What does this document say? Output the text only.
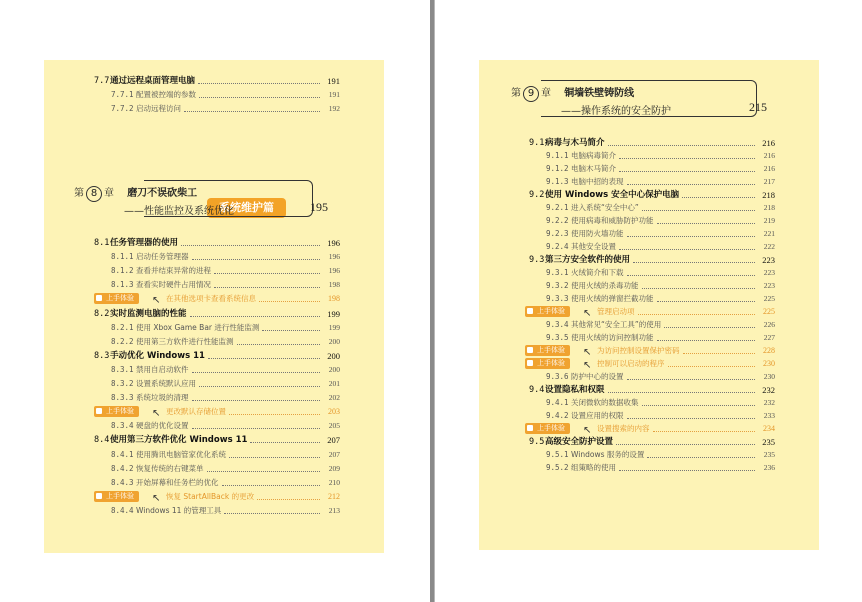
7.7 通过远程桌面管理电脑	191
7.7.1 配置被控端的参数	191
7.7.2 启动远程访问	192
系统维护篇
第 8 章 磨刀不误砍柴工
——性能监控及系统优化	195
8.1 任务管理器的使用	196
8.1.1 启动任务管理器	196
8.1.2 查看并结束异常的进程	196
8.1.3 查看实时硬件占用情况	198
上手体验	↖ 在其他选项卡查看系统信息	198
8.2 实时监测电脑的性能	199
8.2.1 使用 Xbox Game Bar 进行性能监测	199
8.2.2 使用第三方软件进行性能监测	200
8.3 手动优化 Windows 11	200
8.3.1 禁用自启动软件	200
8.3.2 设置系统默认应用	201
8.3.3 系统垃圾的清理	202
上手体验	↖ 更改默认存储位置	203
8.3.4 硬盘的优化设置	205
8.4 使用第三方软件优化 Windows 11	207
8.4.1 使用腾讯电脑管家优化系统	207
8.4.2 恢复传统的右键菜单	209
8.4.3 开始屏幕和任务栏的优化	210
上手体验	↖ 恢复 StartAllBack 的更改	212
8.4.4 Windows 11 的管理工具	213
第 9 章 铜墙铁壁铸防线
——操作系统的安全防护	215
9.1 病毒与木马简介	216
9.1.1 电脑病毒简介	216
9.1.2 电脑木马简介	216
9.1.3 电脑中招的表现	217
9.2 使用 Windows 安全中心保护电脑	218
9.2.1 进入系统“安全中心”	218
9.2.2 使用病毒和威胁防护功能	219
9.2.3 使用防火墙功能	221
9.2.4 其他安全设置	222
9.3 第三方安全软件的使用	223
9.3.1 火绒简介和下载	223
9.3.2 使用火绒的杀毒功能	223
9.3.3 使用火绒的弹窗拦截功能	225
上手体验	↖ 管理启动项	225
9.3.4 其他常见“安全工具”的使用	226
9.3.5 使用火绒的访问控制功能	227
上手体验	↖ 为访问控制设置保护密码	228
上手体验	↖ 控制可以启动的程序	230
9.3.6 防护中心的设置	230
9.4 设置隐私和权限	232
9.4.1 关闭微软的数据收集	232
9.4.2 设置应用的权限	233
上手体验	↖ 设置搜索的内容	234
9.5 高级安全防护设置	235
9.5.1 Windows 服务的设置	235
9.5.2 组策略的使用	236
